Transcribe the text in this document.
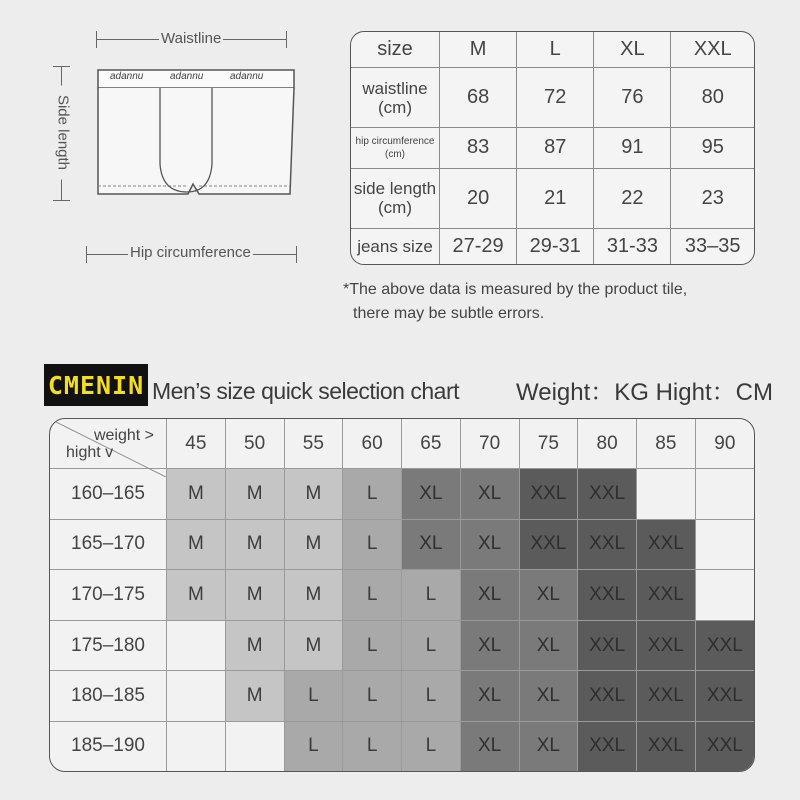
Waistline
Side length
Hip circumference
adannu	adannu	adannu
size	M	L	XL	XXL
waistline
(cm)	68	72	76	80
hip circumference
(cm)	83	87	91	95
side length
(cm)	20	21	22	23
jeans size	27-29	29-31	31-33	33–35
*The above data is measured by the product tile,
there may be subtle errors.
CMENIN Men’s size quick selection chart Weight：KG Hight：CM
weight >
hight v	45	50	55	60	65	70	75	80	85	90
160–165	M	M	M	L	XL	XL	XXL	XXL		
165–170	M	M	M	L	XL	XL	XXL	XXL	XXL	
170–175	M	M	M	L	L	XL	XL	XXL	XXL	
175–180		M	M	L	L	XL	XL	XXL	XXL	XXL
180–185		M	L	L	L	XL	XL	XXL	XXL	XXL
185–190			L	L	L	XL	XL	XXL	XXL	XXL
